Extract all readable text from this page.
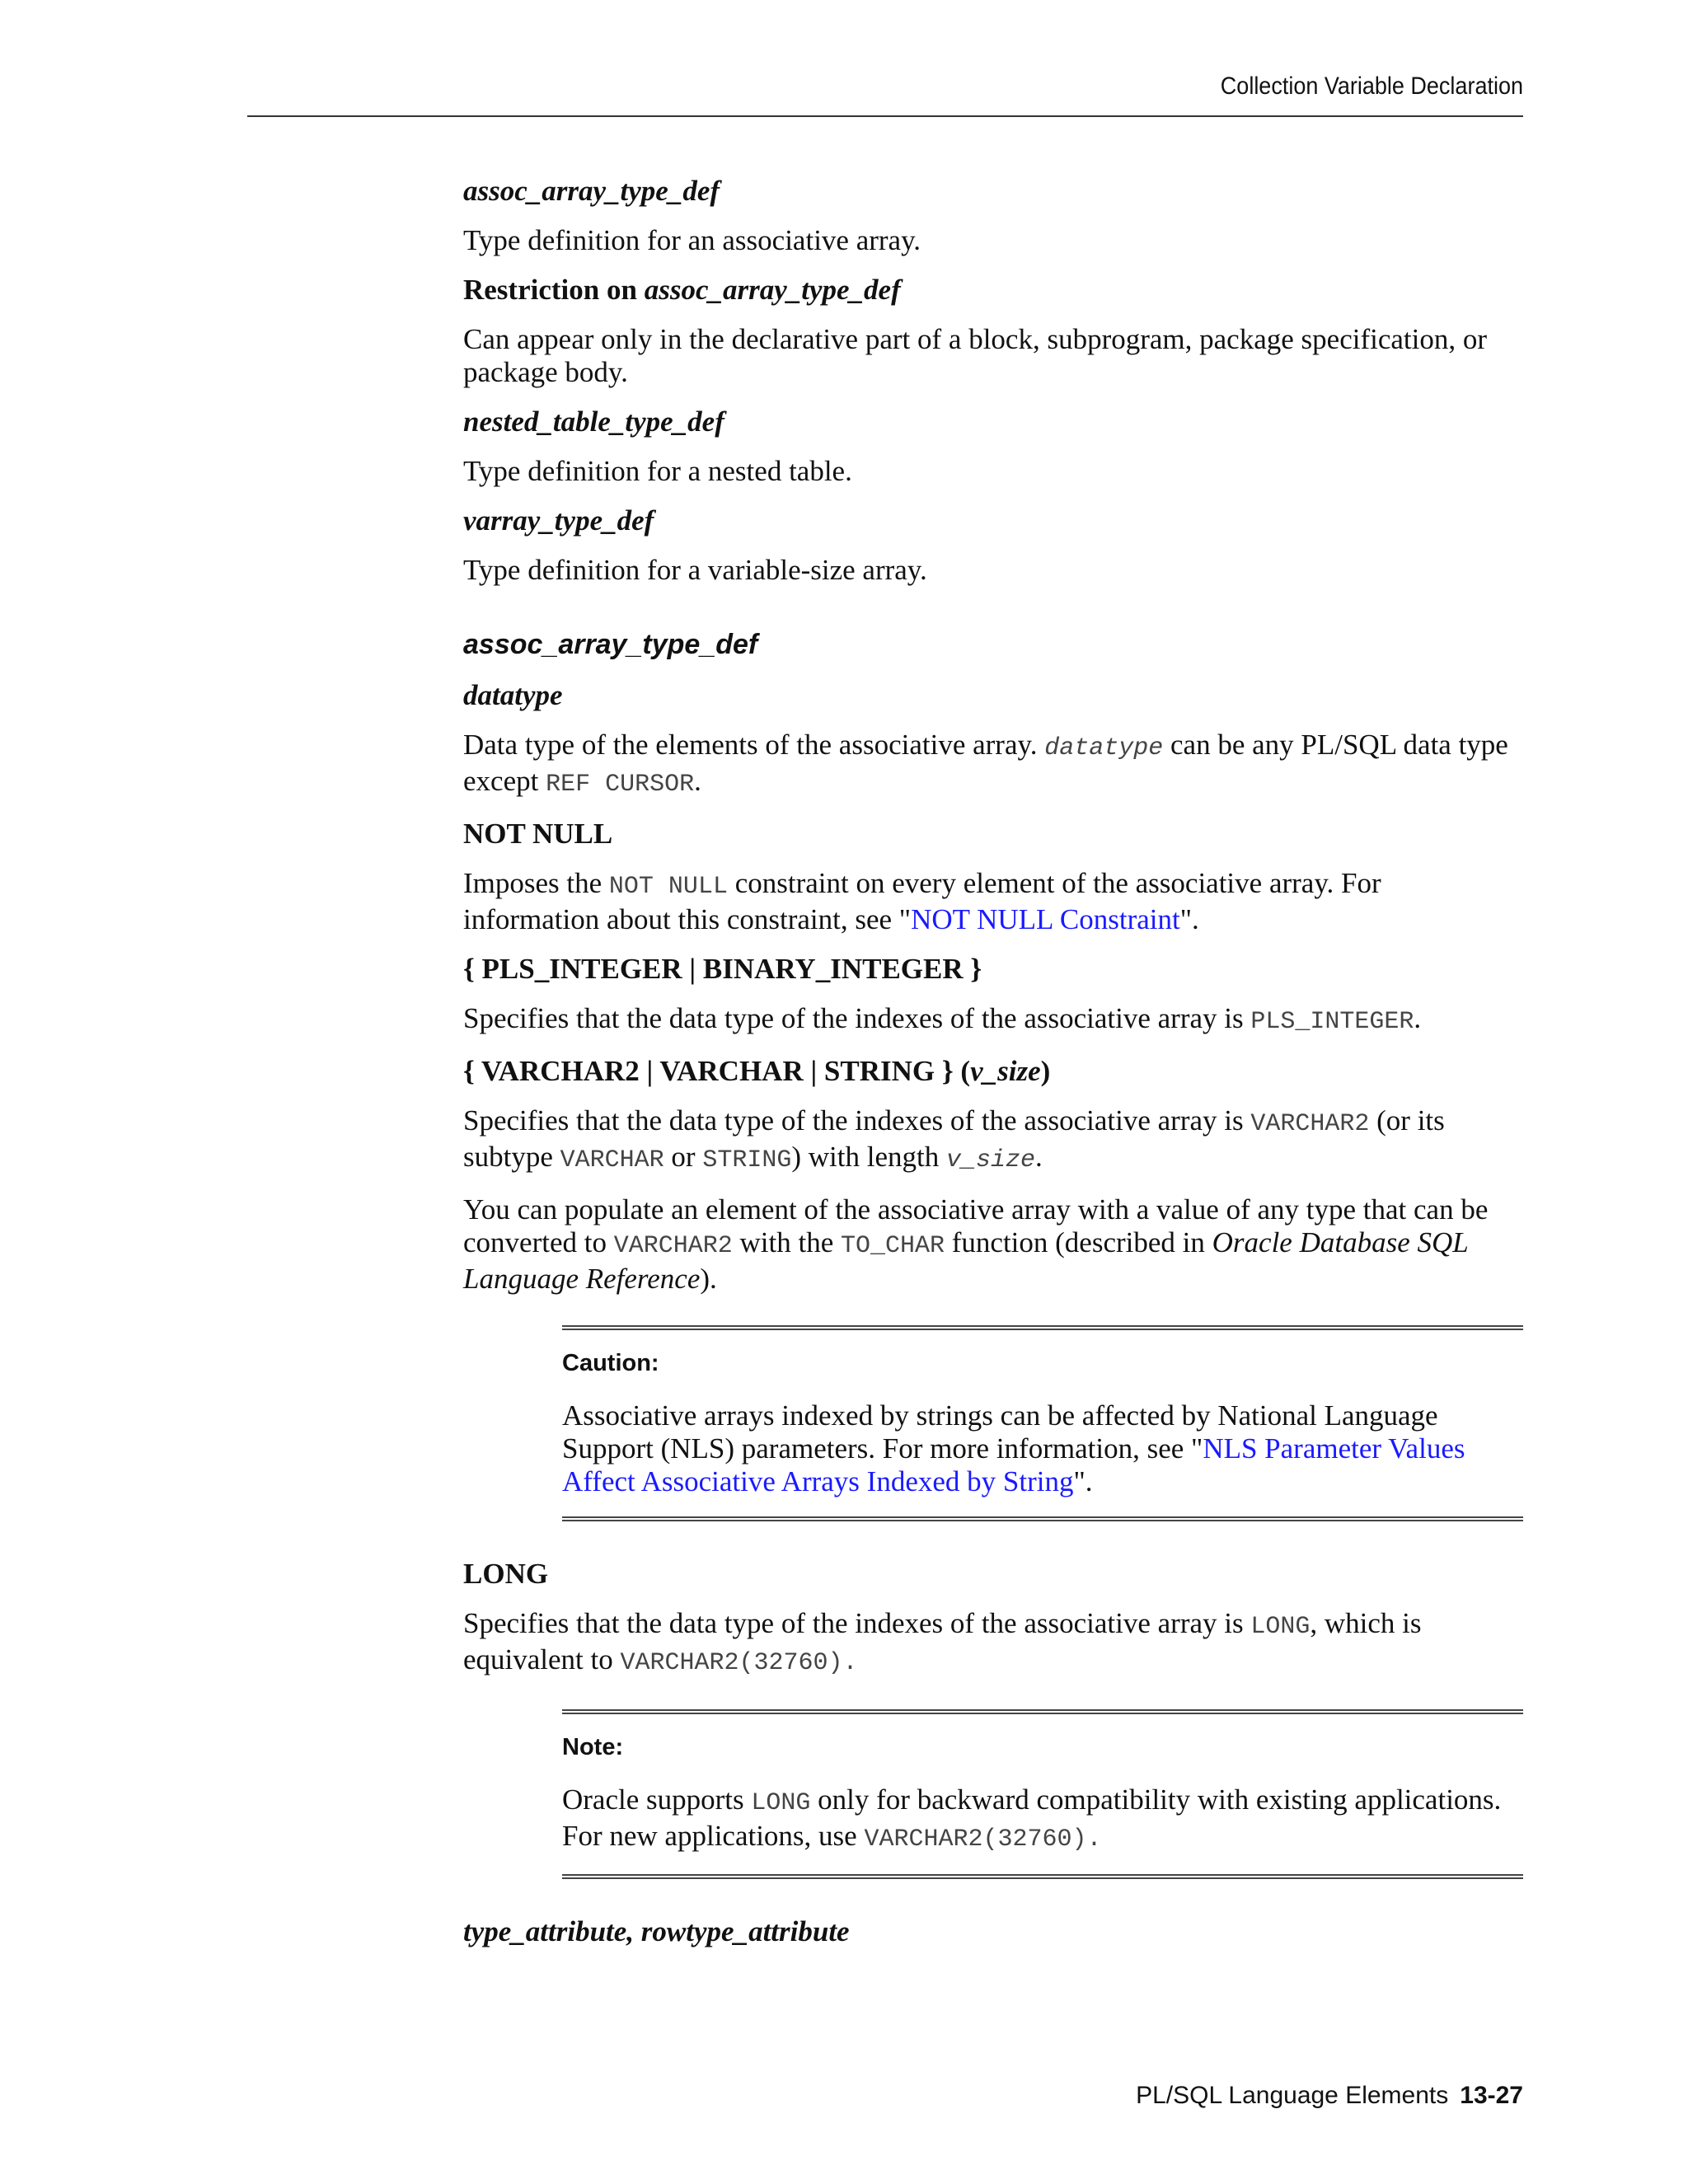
Collection Variable Declaration

assoc_array_type_def

Type definition for an associative array.

Restriction on assoc_array_type_def

Can appear only in the declarative part of a block, subprogram, package specification, or package body.

nested_table_type_def

Type definition for a nested table.

varray_type_def

Type definition for a variable-size array.

assoc_array_type_def

datatype

Data type of the elements of the associative array. datatype can be any PL/SQL data type except REF CURSOR.

NOT NULL

Imposes the NOT NULL constraint on every element of the associative array. For information about this constraint, see "NOT NULL Constraint".

{ PLS_INTEGER | BINARY_INTEGER }

Specifies that the data type of the indexes of the associative array is PLS_INTEGER.

{ VARCHAR2 | VARCHAR | STRING } (v_size)

Specifies that the data type of the indexes of the associative array is VARCHAR2 (or its subtype VARCHAR or STRING) with length v_size.

You can populate an element of the associative array with a value of any type that can be converted to VARCHAR2 with the TO_CHAR function (described in Oracle Database SQL Language Reference).

Caution:

Associative arrays indexed by strings can be affected by National Language Support (NLS) parameters. For more information, see "NLS Parameter Values Affect Associative Arrays Indexed by String".

LONG

Specifies that the data type of the indexes of the associative array is LONG, which is equivalent to VARCHAR2(32760).

Note:

Oracle supports LONG only for backward compatibility with existing applications. For new applications, use VARCHAR2(32760).

type_attribute, rowtype_attribute

PL/SQL Language Elements 13-27
